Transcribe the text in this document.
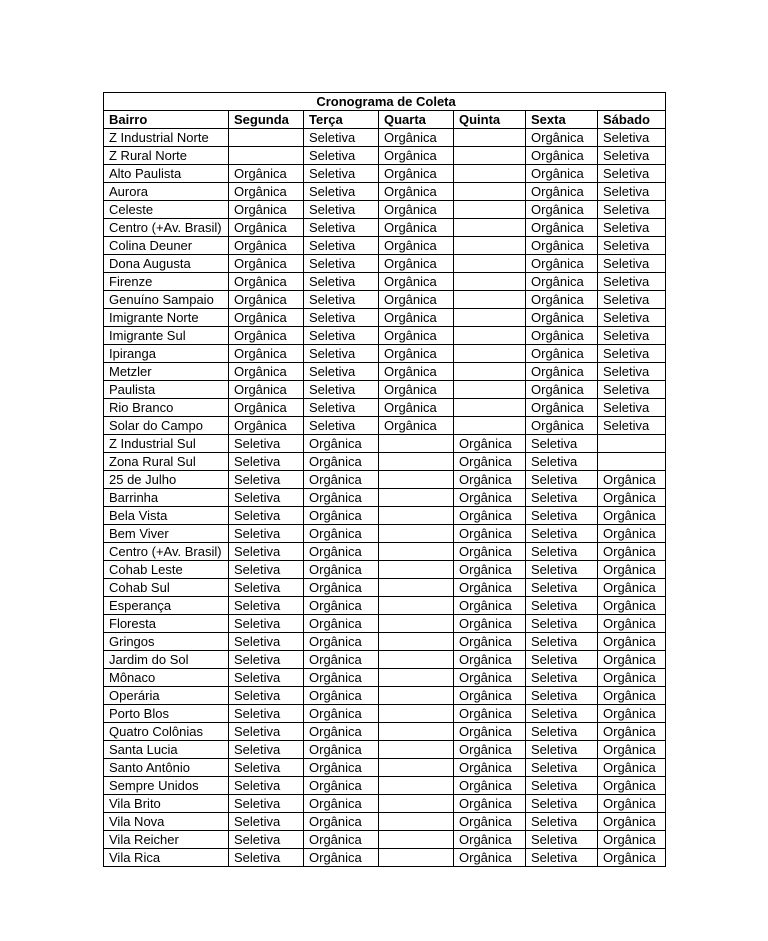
Cronograma de Coleta						
Bairro	Segunda	Terça	Quarta	Quinta	Sexta	Sábado
Z Industrial Norte		Seletiva	Orgânica		Orgânica	Seletiva
Z Rural Norte		Seletiva	Orgânica		Orgânica	Seletiva
Alto Paulista	Orgânica	Seletiva	Orgânica		Orgânica	Seletiva
Aurora	Orgânica	Seletiva	Orgânica		Orgânica	Seletiva
Celeste	Orgânica	Seletiva	Orgânica		Orgânica	Seletiva
Centro (+Av. Brasil)	Orgânica	Seletiva	Orgânica		Orgânica	Seletiva
Colina Deuner	Orgânica	Seletiva	Orgânica		Orgânica	Seletiva
Dona Augusta	Orgânica	Seletiva	Orgânica		Orgânica	Seletiva
Firenze	Orgânica	Seletiva	Orgânica		Orgânica	Seletiva
Genuíno Sampaio	Orgânica	Seletiva	Orgânica		Orgânica	Seletiva
Imigrante Norte	Orgânica	Seletiva	Orgânica		Orgânica	Seletiva
Imigrante Sul	Orgânica	Seletiva	Orgânica		Orgânica	Seletiva
Ipiranga	Orgânica	Seletiva	Orgânica		Orgânica	Seletiva
Metzler	Orgânica	Seletiva	Orgânica		Orgânica	Seletiva
Paulista	Orgânica	Seletiva	Orgânica		Orgânica	Seletiva
Rio Branco	Orgânica	Seletiva	Orgânica		Orgânica	Seletiva
Solar do Campo	Orgânica	Seletiva	Orgânica		Orgânica	Seletiva
Z Industrial Sul	Seletiva	Orgânica		Orgânica	Seletiva	
Zona Rural Sul	Seletiva	Orgânica		Orgânica	Seletiva	
25 de Julho	Seletiva	Orgânica		Orgânica	Seletiva	Orgânica
Barrinha	Seletiva	Orgânica		Orgânica	Seletiva	Orgânica
Bela Vista	Seletiva	Orgânica		Orgânica	Seletiva	Orgânica
Bem Viver	Seletiva	Orgânica		Orgânica	Seletiva	Orgânica
Centro (+Av. Brasil)	Seletiva	Orgânica		Orgânica	Seletiva	Orgânica
Cohab Leste	Seletiva	Orgânica		Orgânica	Seletiva	Orgânica
Cohab Sul	Seletiva	Orgânica		Orgânica	Seletiva	Orgânica
Esperança	Seletiva	Orgânica		Orgânica	Seletiva	Orgânica
Floresta	Seletiva	Orgânica		Orgânica	Seletiva	Orgânica
Gringos	Seletiva	Orgânica		Orgânica	Seletiva	Orgânica
Jardim do Sol	Seletiva	Orgânica		Orgânica	Seletiva	Orgânica
Mônaco	Seletiva	Orgânica		Orgânica	Seletiva	Orgânica
Operária	Seletiva	Orgânica		Orgânica	Seletiva	Orgânica
Porto Blos	Seletiva	Orgânica		Orgânica	Seletiva	Orgânica
Quatro Colônias	Seletiva	Orgânica		Orgânica	Seletiva	Orgânica
Santa Lucia	Seletiva	Orgânica		Orgânica	Seletiva	Orgânica
Santo Antônio	Seletiva	Orgânica		Orgânica	Seletiva	Orgânica
Sempre Unidos	Seletiva	Orgânica		Orgânica	Seletiva	Orgânica
Vila Brito	Seletiva	Orgânica		Orgânica	Seletiva	Orgânica
Vila Nova	Seletiva	Orgânica		Orgânica	Seletiva	Orgânica
Vila Reicher	Seletiva	Orgânica		Orgânica	Seletiva	Orgânica
Vila Rica	Seletiva	Orgânica		Orgânica	Seletiva	Orgânica
